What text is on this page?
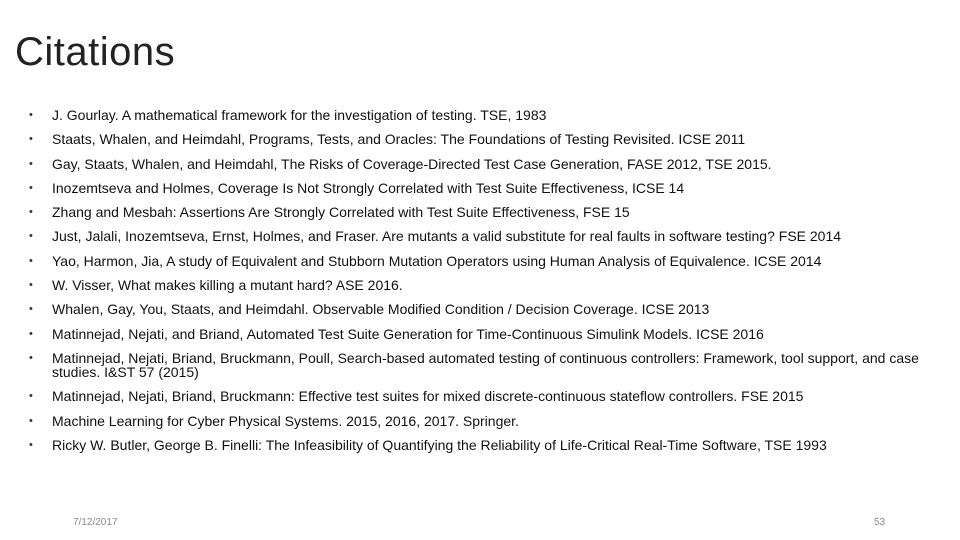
Citations
• J. Gourlay. A mathematical framework for the investigation of testing. TSE, 1983
• Staats, Whalen, and Heimdahl, Programs, Tests, and Oracles: The Foundations of Testing Revisited. ICSE 2011
• Gay, Staats, Whalen, and Heimdahl, The Risks of Coverage-Directed Test Case Generation, FASE 2012, TSE 2015.
• Inozemtseva and Holmes, Coverage Is Not Strongly Correlated with Test Suite Effectiveness, ICSE 14
• Zhang and Mesbah: Assertions Are Strongly Correlated with Test Suite Effectiveness, FSE 15
• Just, Jalali, Inozemtseva, Ernst, Holmes, and Fraser. Are mutants a valid substitute for real faults in software testing? FSE 2014
• Yao, Harmon, Jia, A study of Equivalent and Stubborn Mutation Operators using Human Analysis of Equivalence. ICSE 2014
• W. Visser, What makes killing a mutant hard? ASE 2016.
• Whalen, Gay, You, Staats, and Heimdahl. Observable Modified Condition / Decision Coverage. ICSE 2013
• Matinnejad, Nejati, and Briand, Automated Test Suite Generation for Time-Continuous Simulink Models. ICSE 2016
• Matinnejad, Nejati, Briand, Bruckmann, Poull, Search-based automated testing of continuous controllers: Framework, tool support, and case studies. I&ST 57 (2015)
• Matinnejad, Nejati, Briand, Bruckmann: Effective test suites for mixed discrete-continuous stateflow controllers. FSE 2015
• Machine Learning for Cyber Physical Systems. 2015, 2016, 2017. Springer.
• Ricky W. Butler, George B. Finelli: The Infeasibility of Quantifying the Reliability of Life-Critical Real-Time Software, TSE 1993
7/12/2017	53
